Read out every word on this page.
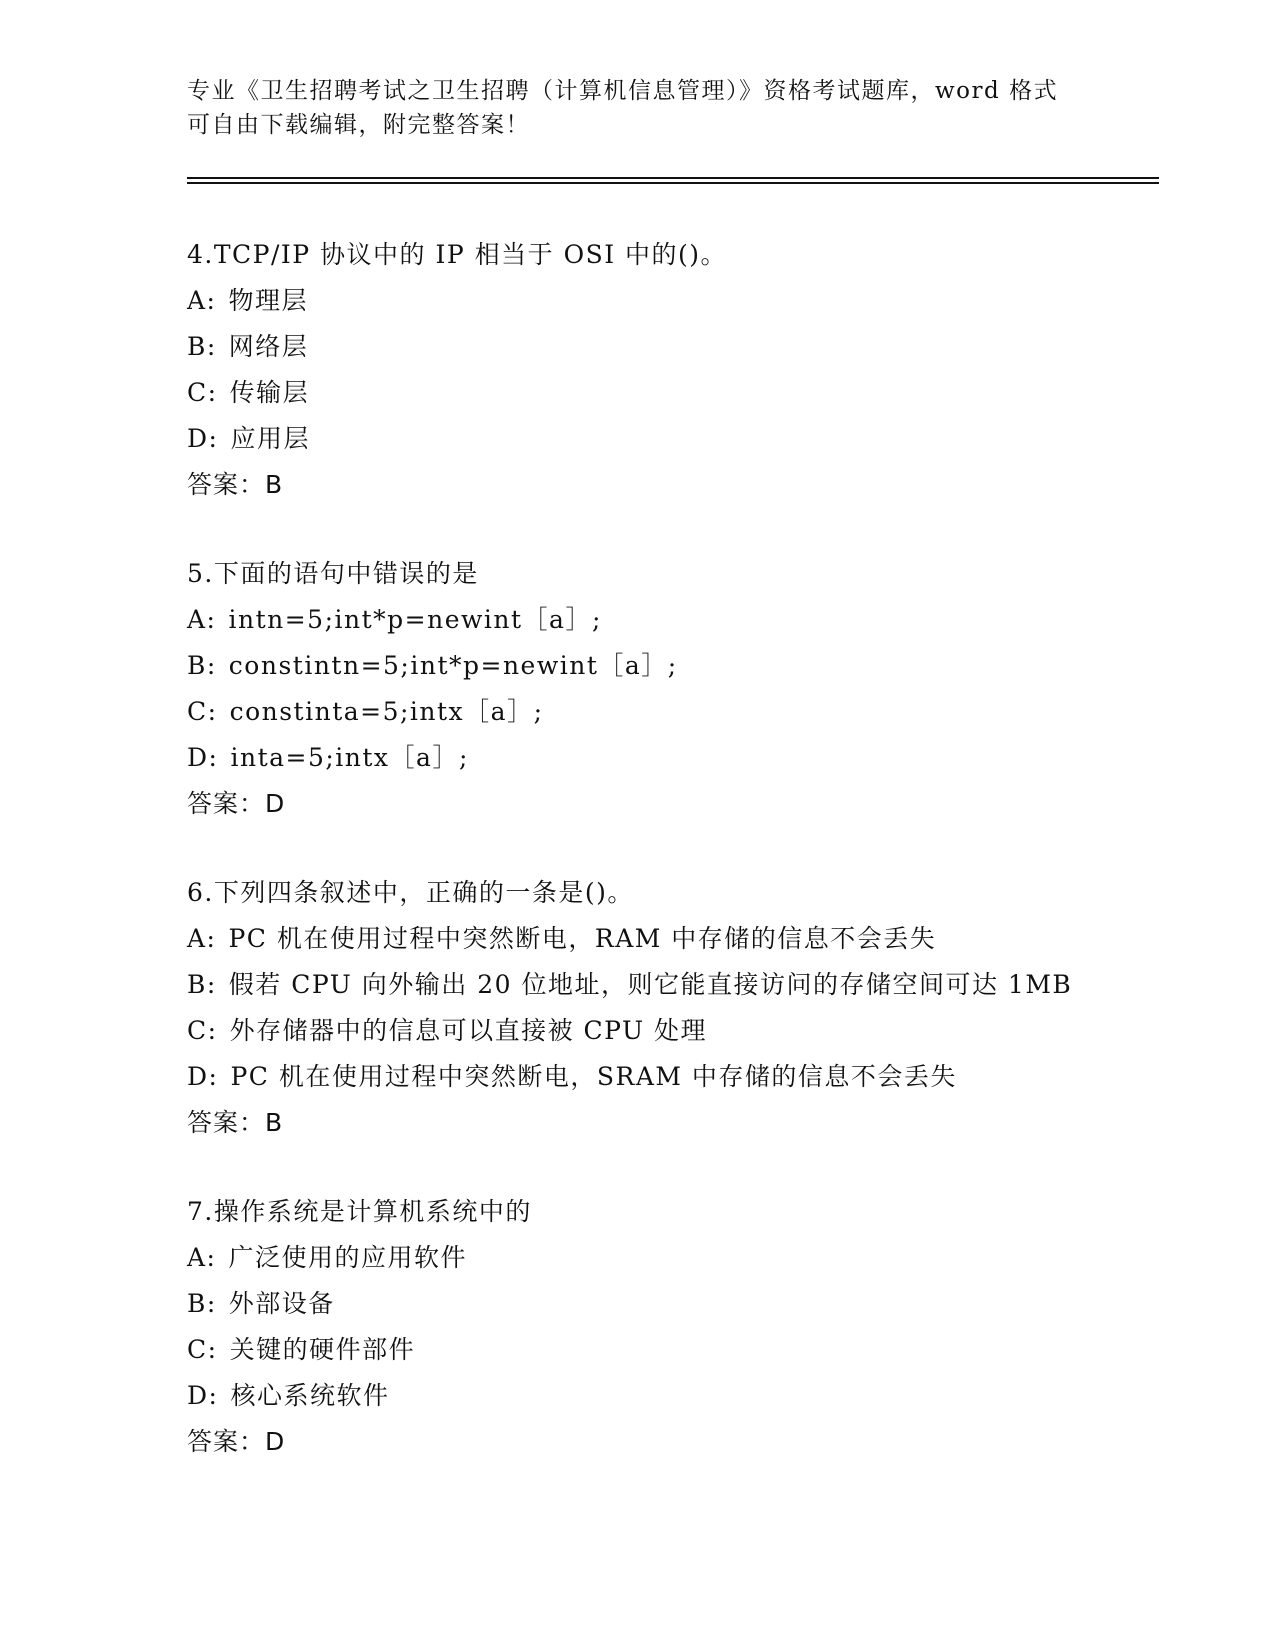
专业《卫生招聘考试之卫生招聘（计算机信息管理）》资格考试题库，word 格式
可自由下载编辑，附完整答案！
4.TCP/IP 协议中的 IP 相当于 OSI 中的()。
A: 物理层
B: 网络层
C: 传输层
D: 应用层
答案：B
5.下面的语句中错误的是
A: intn=5;int*p=newint［a］;
B: constintn=5;int*p=newint［a］;
C: constinta=5;intx［a］;
D: inta=5;intx［a］;
答案：D
6.下列四条叙述中，正确的一条是()。
A: PC 机在使用过程中突然断电，RAM 中存储的信息不会丢失
B: 假若 CPU 向外输出 20 位地址，则它能直接访问的存储空间可达 1MB
C: 外存储器中的信息可以直接被 CPU 处理
D: PC 机在使用过程中突然断电，SRAM 中存储的信息不会丢失
答案：B
7.操作系统是计算机系统中的
A: 广泛使用的应用软件
B: 外部设备
C: 关键的硬件部件
D: 核心系统软件
答案：D
